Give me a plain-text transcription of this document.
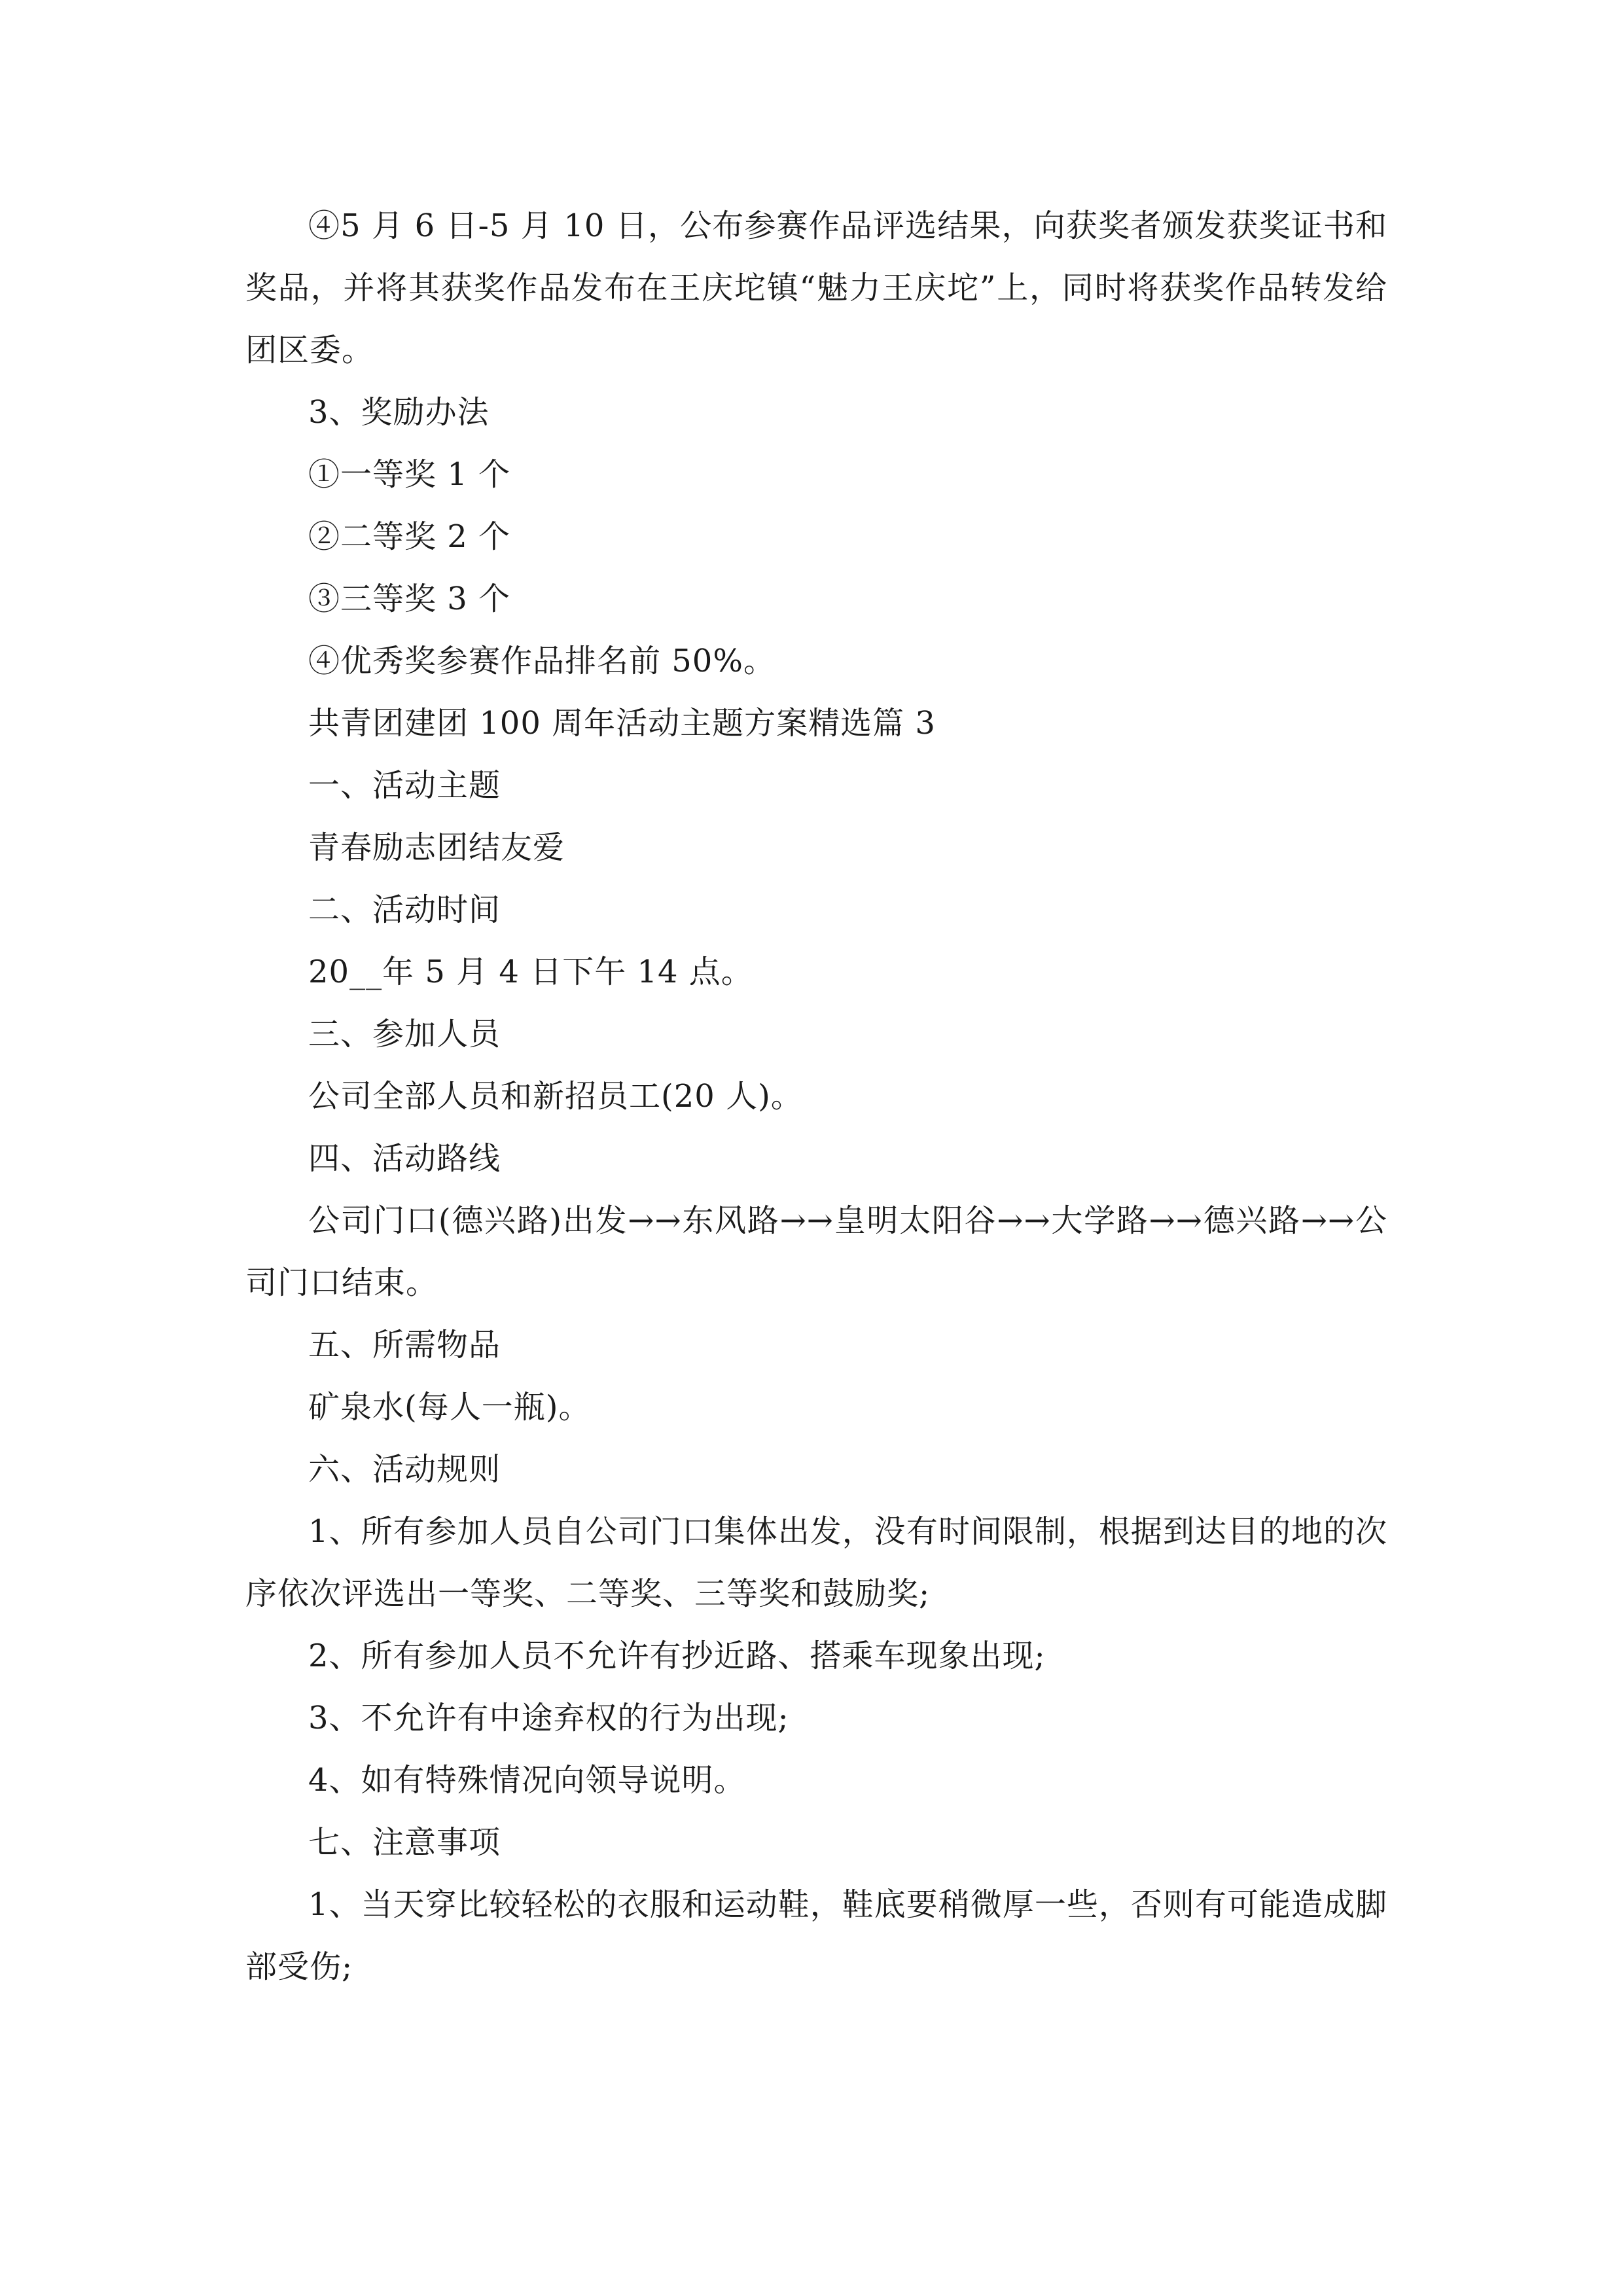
④5 月 6 日-5 月 10 日，公布参赛作品评选结果，向获奖者颁发获奖证书和奖品，并将其获奖作品发布在王庆坨镇“魅力王庆坨”上，同时将获奖作品转发给团区委。

3、奖励办法

①一等奖 1 个

②二等奖 2 个

③三等奖 3 个

④优秀奖参赛作品排名前 50%。

共青团建团 100 周年活动主题方案精选篇 3

一、活动主题

青春励志团结友爱

二、活动时间

20__年 5 月 4 日下午 14 点。

三、参加人员

公司全部人员和新招员工(20 人)。

四、活动路线

公司门口(德兴路)出发→→东风路→→皇明太阳谷→→大学路→→德兴路→→公司门口结束。

五、所需物品

矿泉水(每人一瓶)。

六、活动规则

1、所有参加人员自公司门口集体出发，没有时间限制，根据到达目的地的次序依次评选出一等奖、二等奖、三等奖和鼓励奖;

2、所有参加人员不允许有抄近路、搭乘车现象出现;

3、不允许有中途弃权的行为出现;

4、如有特殊情况向领导说明。

七、注意事项

1、当天穿比较轻松的衣服和运动鞋，鞋底要稍微厚一些，否则有可能造成脚部受伤;
